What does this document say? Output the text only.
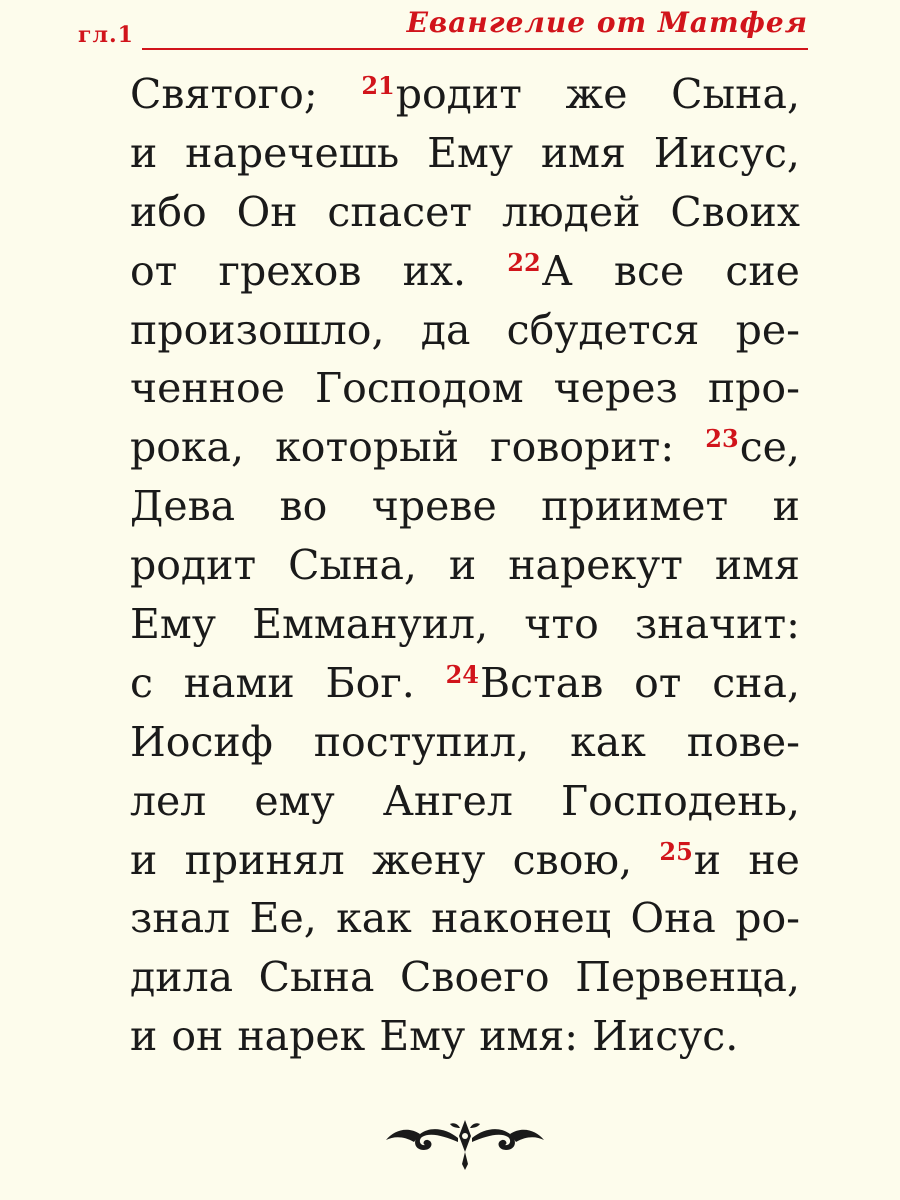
гл.1	Евангелие от Матфея
Святого; $^{21}$родит же Сына,
и наречешь Ему имя Иисус,
ибо Он спасет людей Своих
от грехов их. $^{22}$А все сие
произошло, да сбудется ре-
ченное Господом через про-
рока, который говорит: $^{23}$се,
Дева во чреве приимет и
родит Сына, и нарекут имя
Ему Еммануил, что значит:
с нами Бог. $^{24}$Встав от сна,
Иосиф поступил, как пове-
лел ему Ангел Господень,
и принял жену свою, $^{25}$и не
знал Ее, как наконец Она ро-
дила Сына Своего Первенца,
и он нарек Ему имя: Иисус.
